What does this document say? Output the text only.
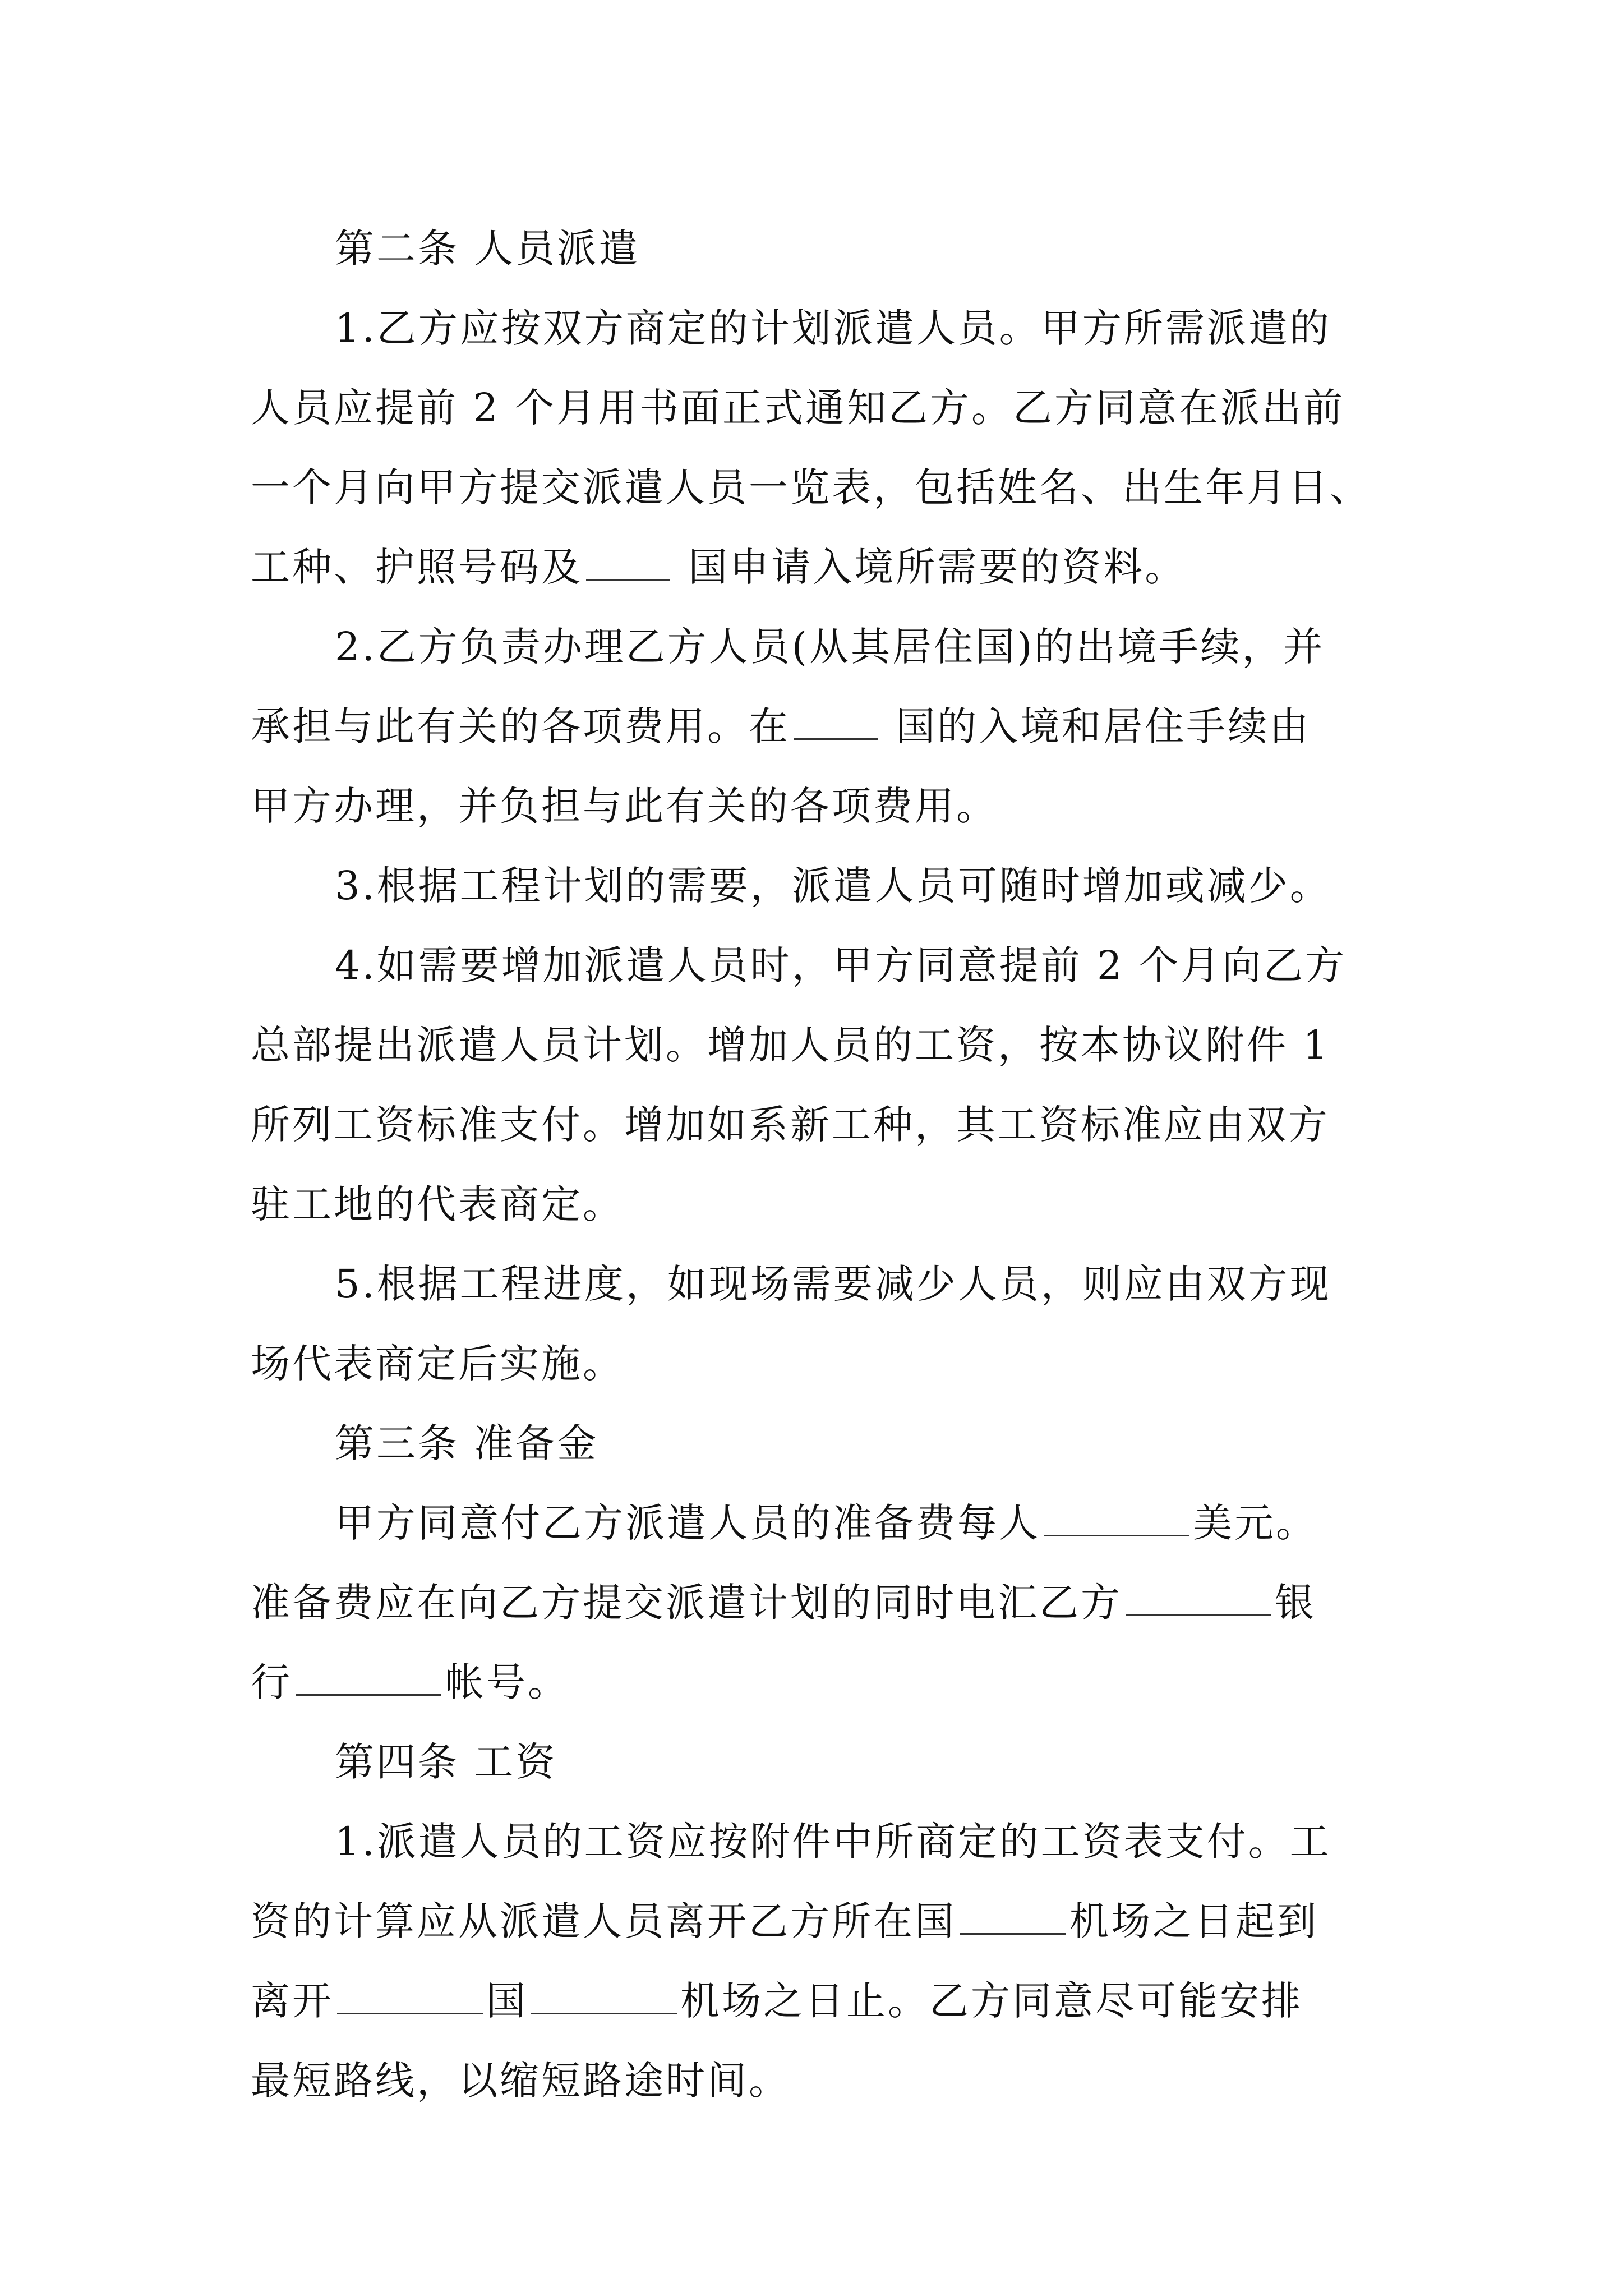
第二条 人员派遣
1.乙方应按双方商定的计划派遣人员。甲方所需派遣的
人员应提前 2 个月用书面正式通知乙方。乙方同意在派出前
一个月向甲方提交派遣人员一览表，包括姓名、出生年月日、
工种、护照号码及 国申请入境所需要的资料。
2.乙方负责办理乙方人员(从其居住国)的出境手续，并
承担与此有关的各项费用。在 国的入境和居住手续由
甲方办理，并负担与此有关的各项费用。
3.根据工程计划的需要，派遣人员可随时增加或减少。
4.如需要增加派遣人员时，甲方同意提前 2 个月向乙方
总部提出派遣人员计划。增加人员的工资，按本协议附件 1
所列工资标准支付。增加如系新工种，其工资标准应由双方
驻工地的代表商定。
5.根据工程进度，如现场需要减少人员，则应由双方现
场代表商定后实施。
第三条 准备金
甲方同意付乙方派遣人员的准备费每人	美元。
准备费应在向乙方提交派遣计划的同时电汇乙方	银
行	帐号。
第四条 工资
1.派遣人员的工资应按附件中所商定的工资表支付。工
资的计算应从派遣人员离开乙方所在国	机场之日起到
离开	国	机场之日止。乙方同意尽可能安排
最短路线，以缩短路途时间。
